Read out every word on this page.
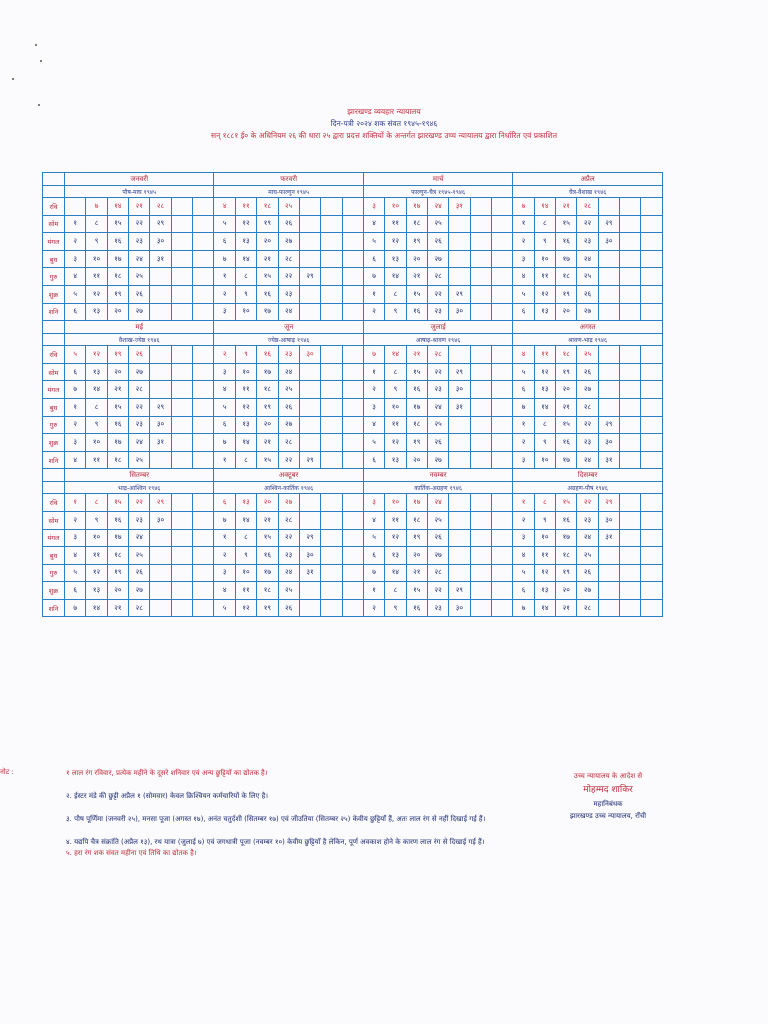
झारखण्ड व्यवहार न्यायालय
दिन-पत्री २०२४ शक संवत १९४५-१९४६
सन् १८८१ ई० के अधिनियम २६ की धारा २५ द्वारा प्रदत्त शक्तियों के अन्तर्गत झारखण्ड उच्च न्यायालय द्वारा निर्धारित एवं प्रकाशित
	जनवरी							फरवरी							मार्च							अप्रैल						
	पौष-माघ १९४५							माघ-फाल्गुन १९४५							फाल्गुन-चैत्र १९४५-१९४६							चैत्र-वैशाख १९४६						
रवि		७	१४	२१	२८			४	११	१८	२५				३	१०	१७	२४	३१			७	१४	२१	२८			
सोम	१	८	१५	२२	२९			५	१२	१९	२६				४	११	१८	२५				१	८	१५	२२	२९		
मंगल	२	९	१६	२३	३०			६	१३	२०	२७				५	१२	१९	२६				२	९	१६	२३	३०		
बुध	३	१०	१७	२४	३१			७	१४	२१	२८				६	१३	२०	२७				३	१०	१७	२४			
गुरु	४	११	१८	२५				१	८	१५	२२	२९			७	१४	२१	२८				४	११	१८	२५			
शुक्र	५	१२	१९	२६				२	९	१६	२३				१	८	१५	२२	२९			५	१२	१९	२६			
शनि	६	१३	२०	२७				३	१०	१७	२४				२	९	१६	२३	३०			६	१३	२०	२७			
	मई							जून							जुलाई							अगस्त						
	वैशाख-ज्येष्ठ १९४६							ज्येष्ठ-आषाढ़ १९४६							आषाढ़-श्रावण १९४६							श्रावण-भाद्र १९४६						
रवि	५	१२	१९	२६				२	९	१६	२३	३०			७	१४	२१	२८				४	११	१८	२५			
सोम	६	१३	२०	२७				३	१०	१७	२४				१	८	१५	२२	२९			५	१२	१९	२६			
मंगल	७	१४	२१	२८				४	११	१८	२५				२	९	१६	२३	३०			६	१३	२०	२७			
बुध	१	८	१५	२२	२९			५	१२	१९	२६				३	१०	१७	२४	३१			७	१४	२१	२८			
गुरु	२	९	१६	२३	३०			६	१३	२०	२७				४	११	१८	२५				१	८	१५	२२	२९		
शुक्र	३	१०	१७	२४	३१			७	१४	२१	२८				५	१२	१९	२६				२	९	१६	२३	३०		
शनि	४	११	१८	२५				१	८	१५	२२	२९			६	१३	२०	२७				३	१०	१७	२४	३१		
	सितम्बर							अक्टूबर							नवम्बर							दिसम्बर						
	भाद्र-आश्विन १९४६							आश्विन-कार्तिक १९४६							कार्तिक-अग्रहण १९४६							अग्रहण-पौष १९४६						
रवि	१	८	१५	२२	२९			६	१३	२०	२७				३	१०	१७	२४				१	८	१५	२२	२९		
सोम	२	९	१६	२३	३०			७	१४	२१	२८				४	११	१८	२५				२	९	१६	२३	३०		
मंगल	३	१०	१७	२४				१	८	१५	२२	२९			५	१२	१९	२६				३	१०	१७	२४	३१		
बुध	४	११	१८	२५				२	९	१६	२३	३०			६	१३	२०	२७				४	११	१८	२५			
गुरु	५	१२	१९	२६				३	१०	१७	२४	३१			७	१४	२१	२८				५	१२	१९	२६			
शुक्र	६	१३	२०	२७				४	११	१८	२५				१	८	१५	२२	२९			६	१३	२०	२७			
शनि	७	१४	२१	२८				५	१२	१९	२६				२	९	१६	२३	३०			७	१४	२१	२८			
नोट :	१ लाल रंग रविवार, प्रत्येक महीने के दूसरे शनिवार एवं अन्य छुट्टियों का द्योतक है।
२. ईस्टर मंडे की छुट्टी अप्रैल १ (सोमवार) केवल क्रिश्चियन कर्मचारियों के लिए है।
३. पौष पूर्णिमा (जनवरी २५), मनसा पूजा (अगस्त १७), अनंत चतुर्दशी (सितम्बर १७) एवं जीउतिया (सितम्बर २५) केवीय छुट्टियाँ हैं, अतः लाल रंग से नहीं दिखाई गई हैं।
४. यद्यपि चैत्र संक्रांति (अप्रैल १३), रथ यात्रा (जुलाई ७) एवं जगधात्री पूजा (नवम्बर १०) केवीय छुट्टियाँ है लेकिन, पूर्ण अवकाश होने के कारण लाल रंग से दिखाई गई हैं।
५. हरा रंग शक संवत महीना एवं तिथि का द्योतक है।
उच्च न्यायालय के आदेश से
मोहम्मद शाकिर
महानिबंधक
झारखण्ड उच्च न्यायालय, राँची
